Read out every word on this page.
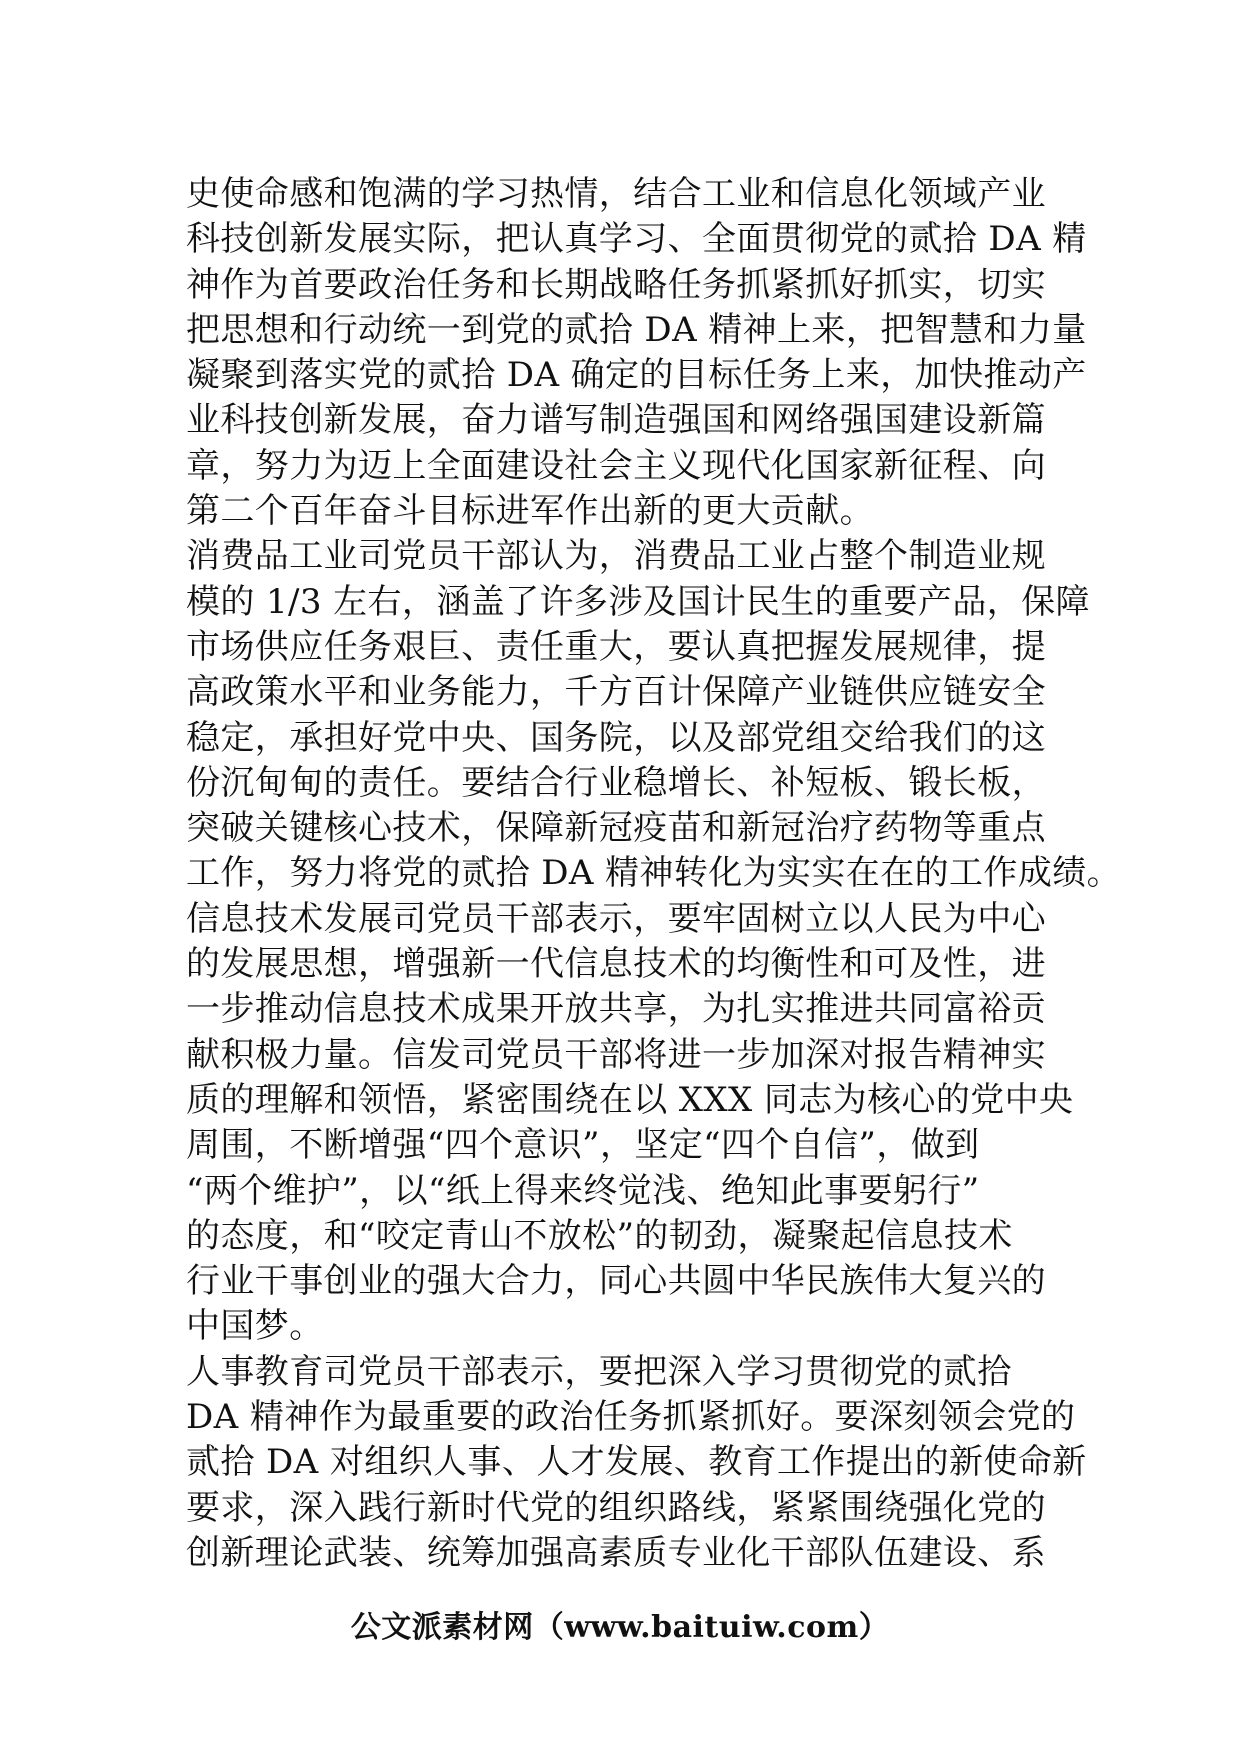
史使命感和饱满的学习热情，结合工业和信息化领域产业
科技创新发展实际，把认真学习、全面贯彻党的贰拾 DA 精
神作为首要政治任务和长期战略任务抓紧抓好抓实，切实
把思想和行动统一到党的贰拾 DA 精神上来，把智慧和力量
凝聚到落实党的贰拾 DA 确定的目标任务上来，加快推动产
业科技创新发展，奋力谱写制造强国和网络强国建设新篇
章，努力为迈上全面建设社会主义现代化国家新征程、向
第二个百年奋斗目标进军作出新的更大贡献。
消费品工业司党员干部认为，消费品工业占整个制造业规
模的 1/3 左右，涵盖了许多涉及国计民生的重要产品，保障
市场供应任务艰巨、责任重大，要认真把握发展规律，提
高政策水平和业务能力，千方百计保障产业链供应链安全
稳定，承担好党中央、国务院，以及部党组交给我们的这
份沉甸甸的责任。要结合行业稳增长、补短板、锻长板，
突破关键核心技术，保障新冠疫苗和新冠治疗药物等重点
工作，努力将党的贰拾 DA 精神转化为实实在在的工作成绩。
信息技术发展司党员干部表示，要牢固树立以人民为中心
的发展思想，增强新一代信息技术的均衡性和可及性，进
一步推动信息技术成果开放共享，为扎实推进共同富裕贡
献积极力量。信发司党员干部将进一步加深对报告精神实
质的理解和领悟，紧密围绕在以 XXX 同志为核心的党中央
周围，不断增强“四个意识”，坚定“四个自信”，做到
“两个维护”，以“纸上得来终觉浅、绝知此事要躬行”
的态度，和“咬定青山不放松”的韧劲，凝聚起信息技术
行业干事创业的强大合力，同心共圆中华民族伟大复兴的
中国梦。
人事教育司党员干部表示，要把深入学习贯彻党的贰拾
DA 精神作为最重要的政治任务抓紧抓好。要深刻领会党的
贰拾 DA 对组织人事、人才发展、教育工作提出的新使命新
要求，深入践行新时代党的组织路线，紧紧围绕强化党的
创新理论武装、统筹加强高素质专业化干部队伍建设、系
公文派素材网（www.baituiw.com）
